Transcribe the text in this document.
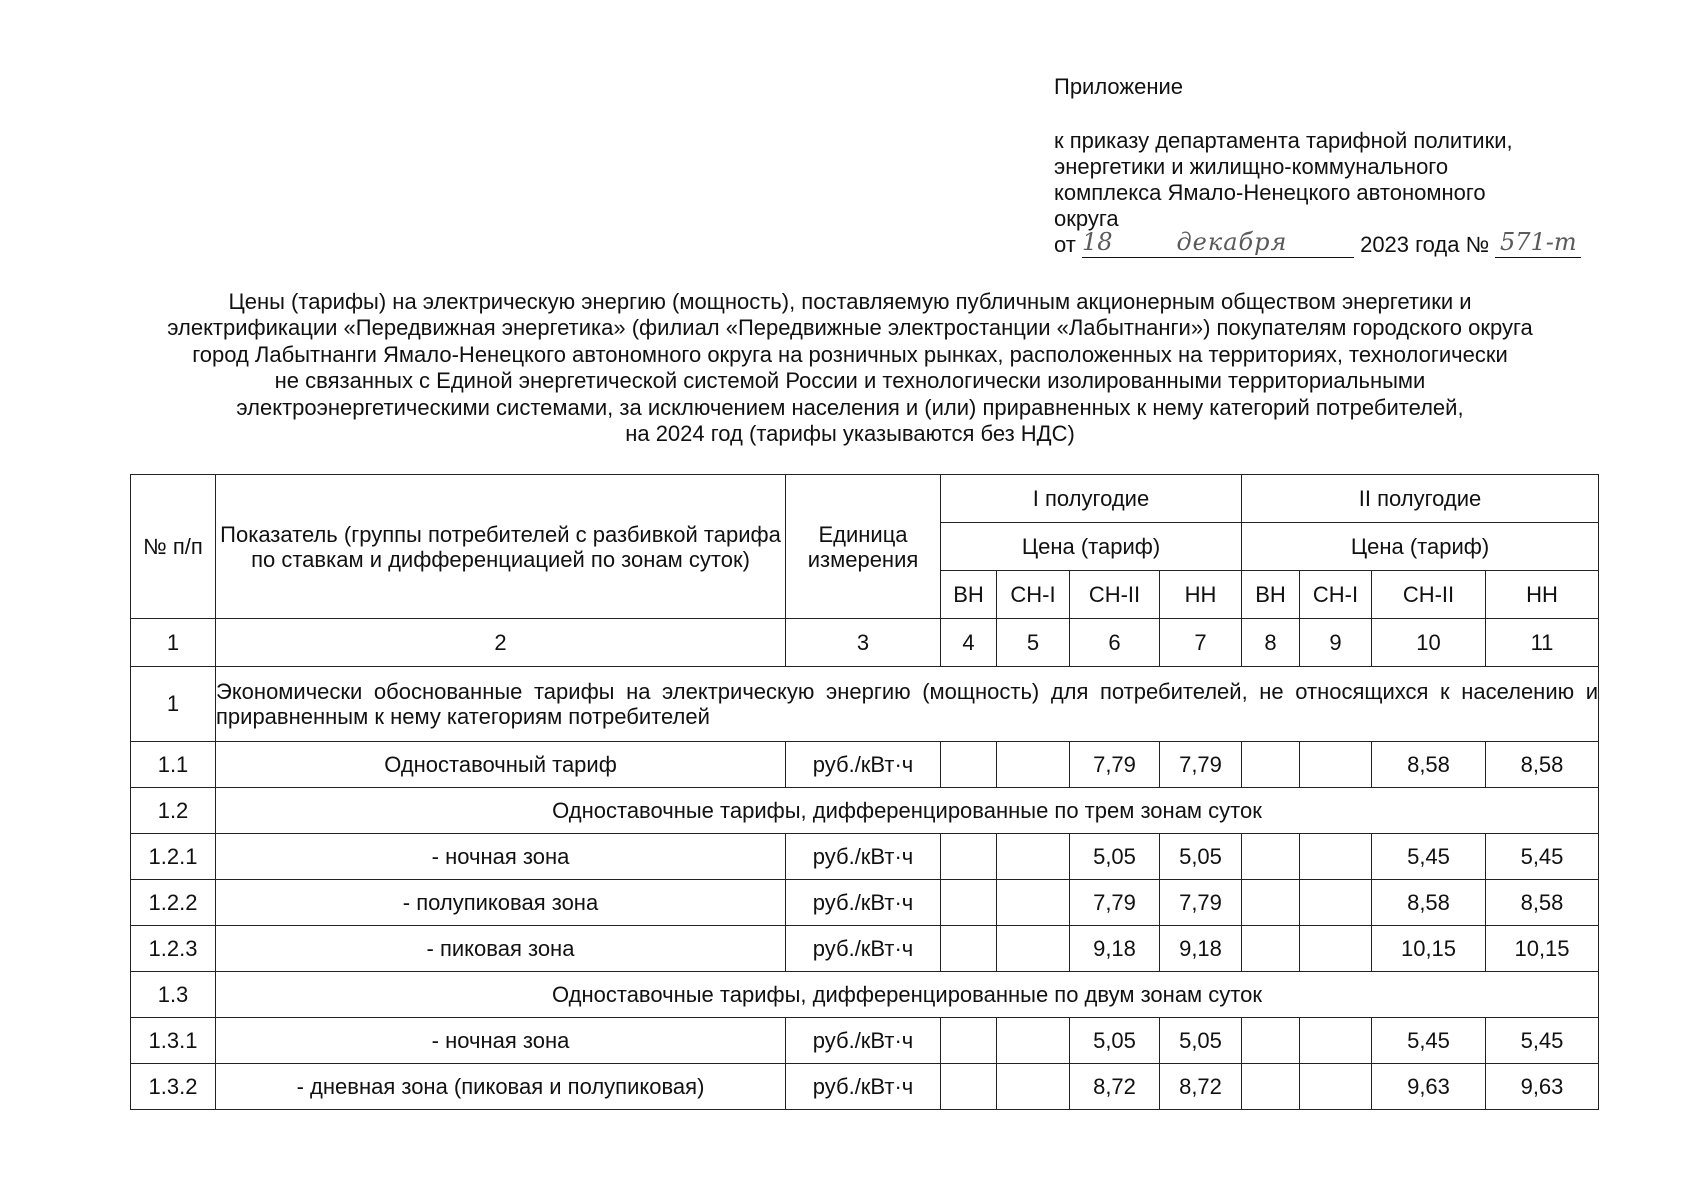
Приложение
к приказу департамента тарифной политики,
энергетики и жилищно-коммунального
комплекса Ямало-Ненецкого автономного
округа
от 18	декабря	2023 года № 571-т
Цены (тарифы) на электрическую энергию (мощность), поставляемую публичным акционерным обществом энергетики и
электрификации «Передвижная энергетика» (филиал «Передвижные электростанции «Лабытнанги») покупателям городского округа
город Лабытнанги Ямало-Ненецкого автономного округа на розничных рынках, расположенных на территориях, технологически
не связанных с Единой энергетической системой России и технологически изолированными территориальными
электроэнергетическими системами, за исключением населения и (или) приравненных к нему категорий потребителей,
на 2024 год (тарифы указываются без НДС)
№ п/п	Показатель (группы потребителей с разбивкой тарифа по ставкам и дифференциацией по зонам суток)	Единица измерения	I полугодие				II полугодие			
			Цена (тариф)				Цена (тариф)			
			ВН	СН-I	СН-II	НН	ВН	СН-I	СН-II	НН
1	2	3	4	5	6	7	8	9	10	11
1	Экономически обоснованные тарифы на электрическую энергию (мощность) для потребителей, не относящихся к населению и приравненным к нему категориям потребителей									
1.1	Одноставочный тариф	руб./кВт·ч			7,79	7,79			8,58	8,58
1.2	Одноставочные тарифы, дифференцированные по трем зонам суток									
1.2.1	- ночная зона	руб./кВт·ч			5,05	5,05			5,45	5,45
1.2.2	- полупиковая зона	руб./кВт·ч			7,79	7,79			8,58	8,58
1.2.3	- пиковая зона	руб./кВт·ч			9,18	9,18			10,15	10,15
1.3	Одноставочные тарифы, дифференцированные по двум зонам суток									
1.3.1	- ночная зона	руб./кВт·ч			5,05	5,05			5,45	5,45
1.3.2	- дневная зона (пиковая и полупиковая)	руб./кВт·ч			8,72	8,72			9,63	9,63
